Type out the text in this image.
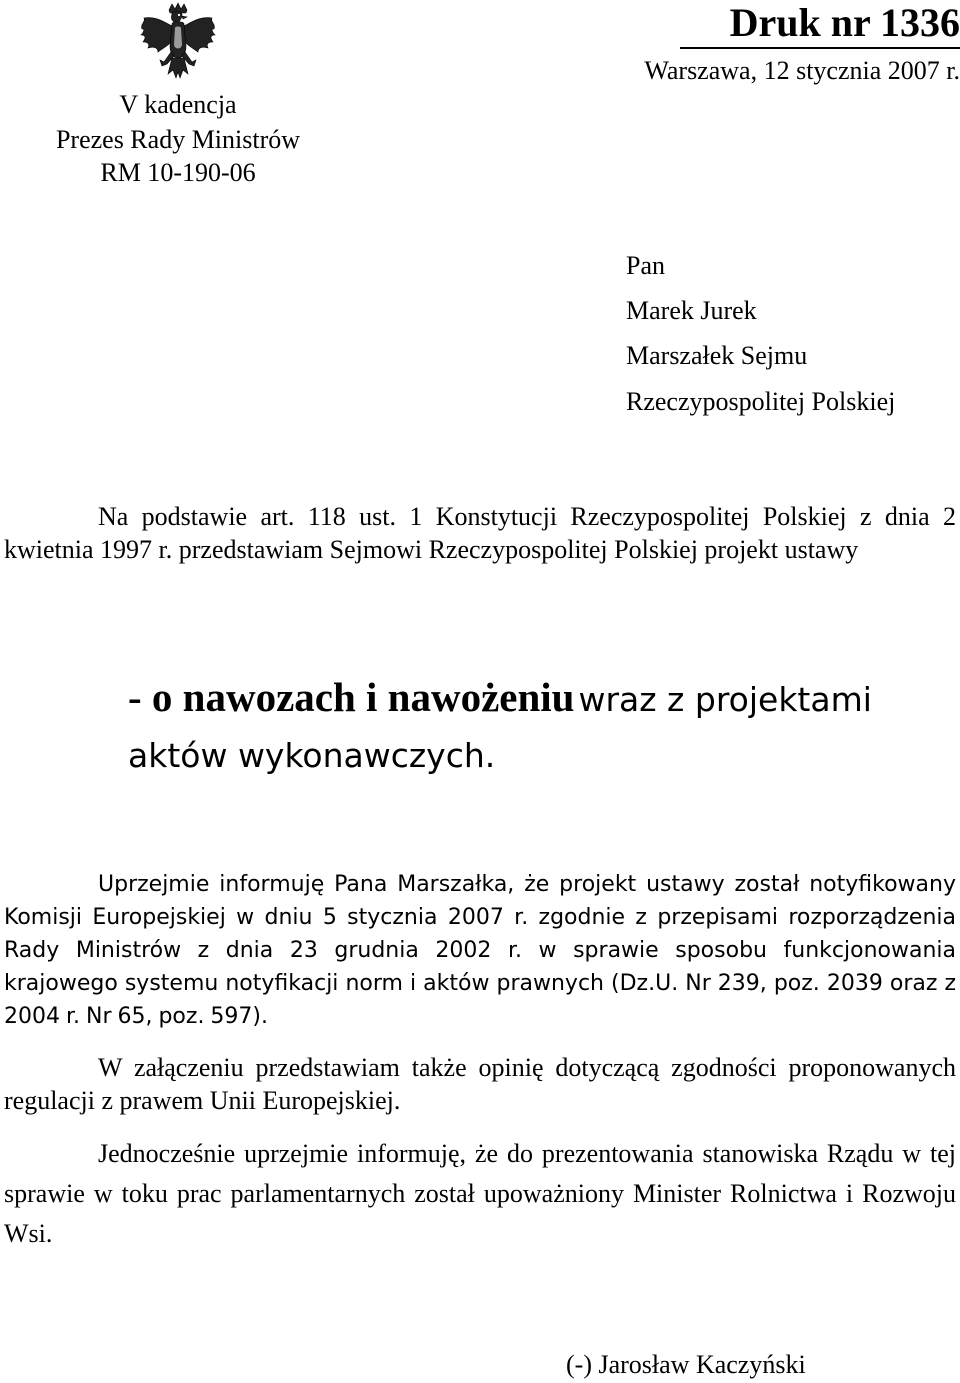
V kadencja
Prezes Rady Ministrów
RM 10-190-06
Druk nr 1336
Warszawa, 12 stycznia 2007 r.
Pan
Marek Jurek
Marszałek Sejmu
Rzeczypospolitej Polskiej

Na podstawie art. 118 ust. 1 Konstytucji Rzeczypospolitej Polskiej z dnia 2 kwietnia 1997 r. przedstawiam Sejmowi Rzeczypospolitej Polskiej projekt ustawy

- o nawozach i nawożeniu wraz z projektami
aktów wykonawczych.

Uprzejmie informuję Pana Marszałka, że projekt ustawy został notyfikowany Komisji Europejskiej w dniu 5 stycznia 2007 r. zgodnie z przepisami rozporządzenia Rady Ministrów z dnia 23 grudnia 2002 r. w sprawie sposobu funkcjonowania krajowego systemu notyfikacji norm i aktów prawnych (Dz.U. Nr 239, poz. 2039 oraz z 2004 r. Nr 65, poz. 597).

W załączeniu przedstawiam także opinię dotyczącą zgodności proponowanych regulacji z prawem Unii Europejskiej.

Jednocześnie uprzejmie informuję, że do prezentowania stanowiska Rządu w tej sprawie w toku prac parlamentarnych został upoważniony Minister Rolnictwa i Rozwoju Wsi.

(-) Jarosław Kaczyński
